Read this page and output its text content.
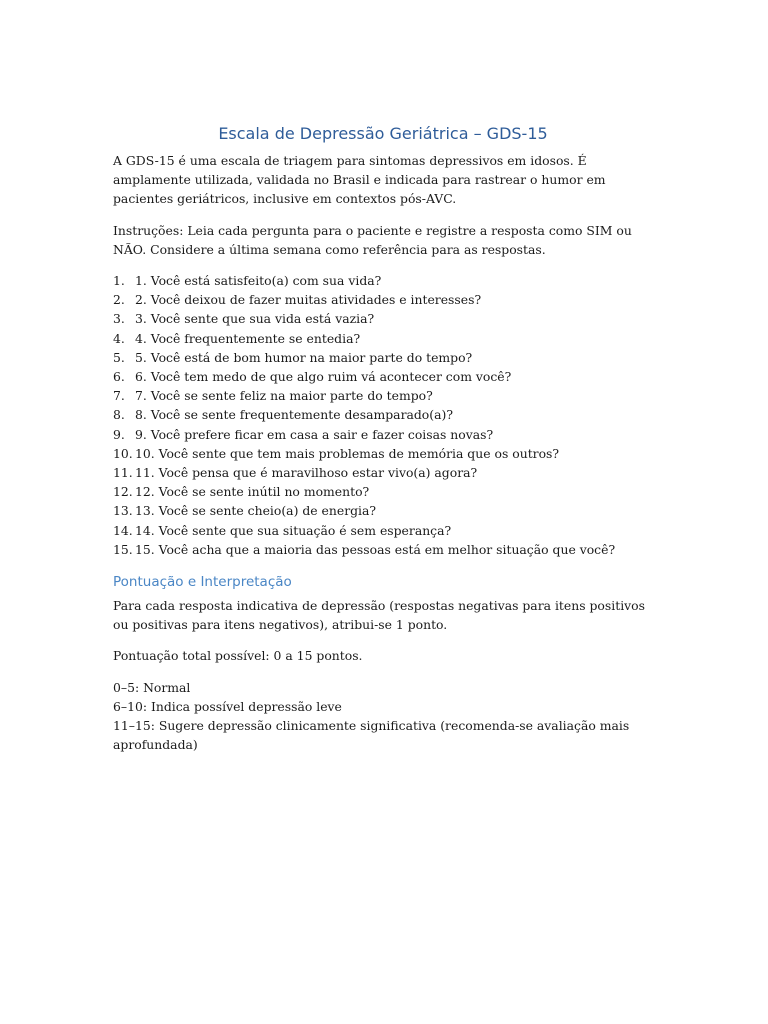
Escala de Depressão Geriátrica – GDS-15

A GDS-15 é uma escala de triagem para sintomas depressivos em idosos. É amplamente utilizada, validada no Brasil e indicada para rastrear o humor em pacientes geriátricos, inclusive em contextos pós-AVC.

Instruções: Leia cada pergunta para o paciente e registre a resposta como SIM ou NÃO. Considere a última semana como referência para as respostas.

1. 1. Você está satisfeito(a) com sua vida?
2. 2. Você deixou de fazer muitas atividades e interesses?
3. 3. Você sente que sua vida está vazia?
4. 4. Você frequentemente se entedia?
5. 5. Você está de bom humor na maior parte do tempo?
6. 6. Você tem medo de que algo ruim vá acontecer com você?
7. 7. Você se sente feliz na maior parte do tempo?
8. 8. Você se sente frequentemente desamparado(a)?
9. 9. Você prefere ficar em casa a sair e fazer coisas novas?
10. 10. Você sente que tem mais problemas de memória que os outros?
11. 11. Você pensa que é maravilhoso estar vivo(a) agora?
12. 12. Você se sente inútil no momento?
13. 13. Você se sente cheio(a) de energia?
14. 14. Você sente que sua situação é sem esperança?
15. 15. Você acha que a maioria das pessoas está em melhor situação que você?
Pontuação e Interpretação

Para cada resposta indicativa de depressão (respostas negativas para itens positivos ou positivas para itens negativos), atribui-se 1 ponto.

Pontuação total possível: 0 a 15 pontos.

0–5: Normal

6–10: Indica possível depressão leve

11–15: Sugere depressão clinicamente significativa (recomenda-se avaliação mais aprofundada)
